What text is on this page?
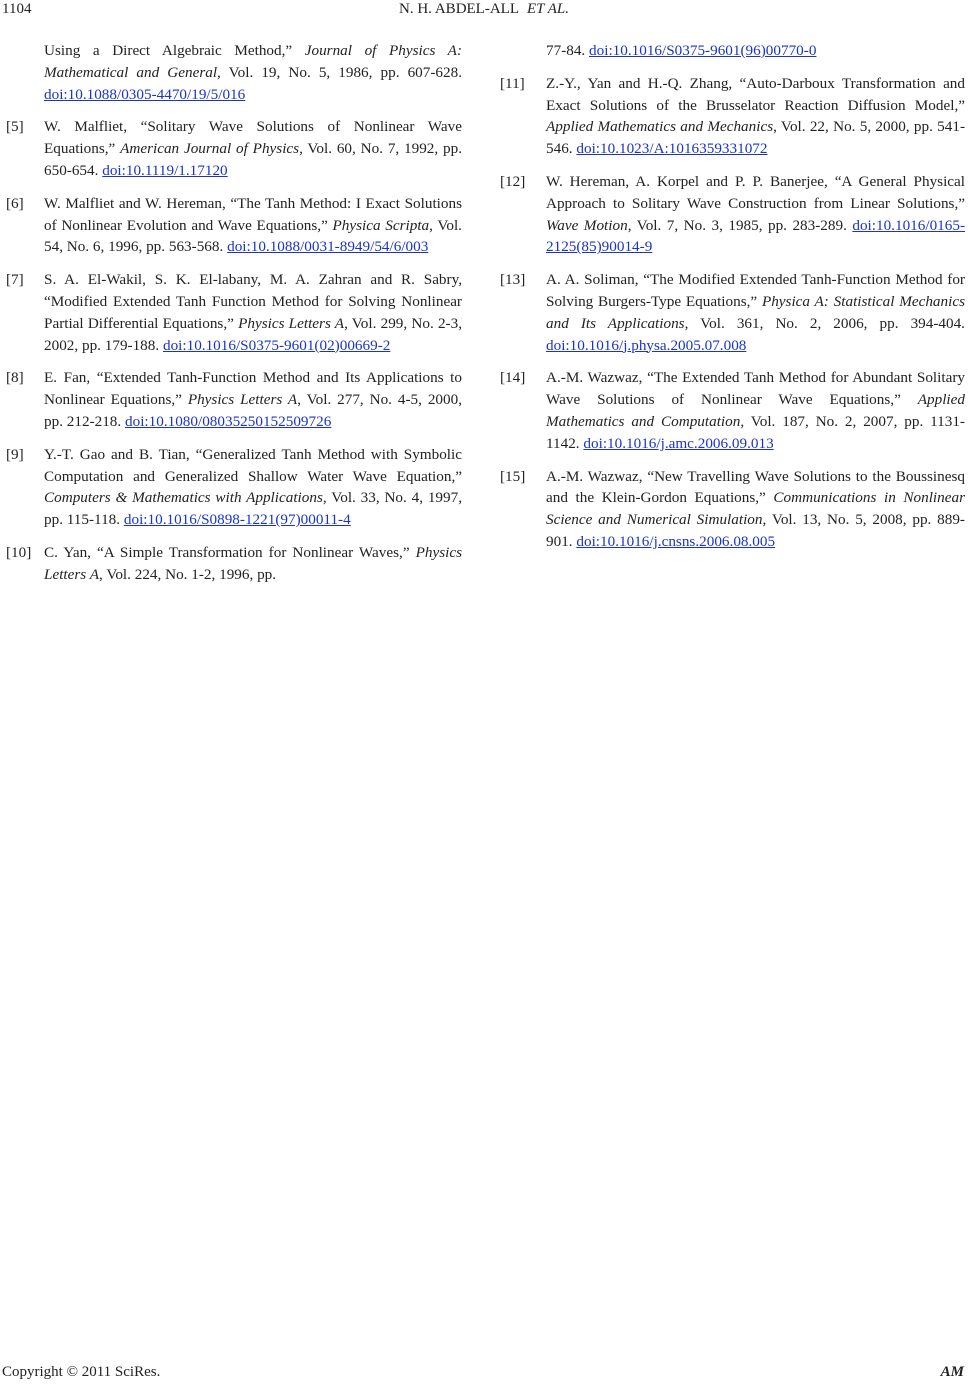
1104	N. H. ABDEL-ALL ET AL.
Using a Direct Algebraic Method,” Journal of Physics A: Mathematical and General, Vol. 19, No. 5, 1986, pp. 607-628. doi:10.1088/0305-4470/19/5/016
[5] W. Malfliet, “Solitary Wave Solutions of Nonlinear Wave Equations,” American Journal of Physics, Vol. 60, No. 7, 1992, pp. 650-654. doi:10.1119/1.17120
[6] W. Malfliet and W. Hereman, “The Tanh Method: I Exact Solutions of Nonlinear Evolution and Wave Equations,” Physica Scripta, Vol. 54, No. 6, 1996, pp. 563-568. doi:10.1088/0031-8949/54/6/003
[7] S. A. El-Wakil, S. K. El-labany, M. A. Zahran and R. Sabry, “Modified Extended Tanh Function Method for Solving Nonlinear Partial Differential Equations,” Physics Letters A, Vol. 299, No. 2-3, 2002, pp. 179-188. doi:10.1016/S0375-9601(02)00669-2
[8] E. Fan, “Extended Tanh-Function Method and Its Applications to Nonlinear Equations,” Physics Letters A, Vol. 277, No. 4-5, 2000, pp. 212-218. doi:10.1080/08035250152509726
[9] Y.-T. Gao and B. Tian, “Generalized Tanh Method with Symbolic Computation and Generalized Shallow Water Wave Equation,” Computers & Mathematics with Applications, Vol. 33, No. 4, 1997, pp. 115-118. doi:10.1016/S0898-1221(97)00011-4
[10] C. Yan, “A Simple Transformation for Nonlinear Waves,” Physics Letters A, Vol. 224, No. 1-2, 1996, pp.
77-84. doi:10.1016/S0375-9601(96)00770-0
[11] Z.-Y., Yan and H.-Q. Zhang, “Auto-Darboux Transformation and Exact Solutions of the Brusselator Reaction Diffusion Model,” Applied Mathematics and Mechanics, Vol. 22, No. 5, 2000, pp. 541-546. doi:10.1023/A:1016359331072
[12] W. Hereman, A. Korpel and P. P. Banerjee, “A General Physical Approach to Solitary Wave Construction from Linear Solutions,” Wave Motion, Vol. 7, No. 3, 1985, pp. 283-289. doi:10.1016/0165-2125(85)90014-9
[13] A. A. Soliman, “The Modified Extended Tanh-Function Method for Solving Burgers-Type Equations,” Physica A: Statistical Mechanics and Its Applications, Vol. 361, No. 2, 2006, pp. 394-404. doi:10.1016/j.physa.2005.07.008
[14] A.-M. Wazwaz, “The Extended Tanh Method for Abundant Solitary Wave Solutions of Nonlinear Wave Equations,” Applied Mathematics and Computation, Vol. 187, No. 2, 2007, pp. 1131-1142. doi:10.1016/j.amc.2006.09.013
[15] A.-M. Wazwaz, “New Travelling Wave Solutions to the Boussinesq and the Klein-Gordon Equations,” Communications in Nonlinear Science and Numerical Simulation, Vol. 13, No. 5, 2008, pp. 889-901. doi:10.1016/j.cnsns.2006.08.005
Copyright © 2011 SciRes.	AM
